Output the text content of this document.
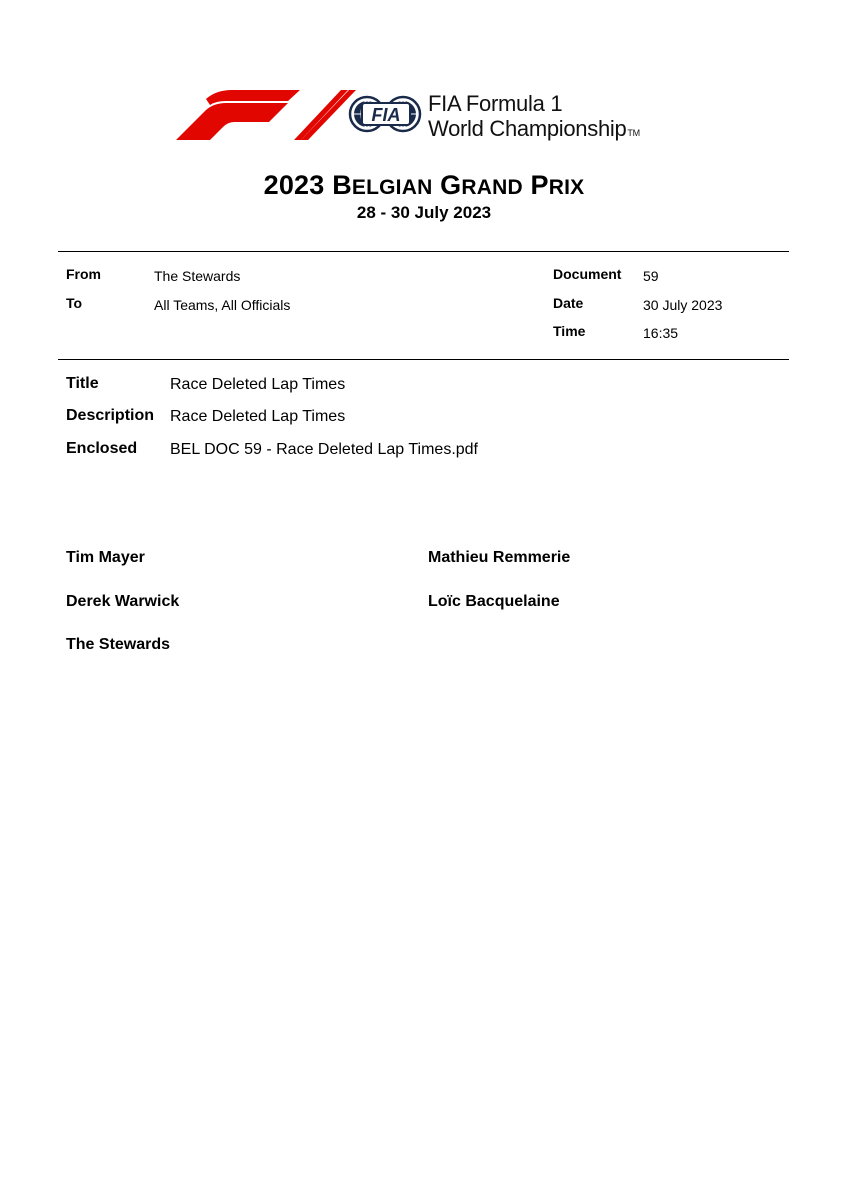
FIA FIA Formula 1
World ChampionshipTM
2023 BELGIAN GRAND PRIX
28 - 30 July 2023
From	The Stewards
To	All Teams, All Officials
Document 59
Date	30 July 2023
Time	16:35
Title	Race Deleted Lap Times
Description Race Deleted Lap Times
Enclosed BEL DOC 59 - Race Deleted Lap Times.pdf
Tim Mayer
Derek Warwick
The Stewards
Mathieu Remmerie
Loïc Bacquelaine
